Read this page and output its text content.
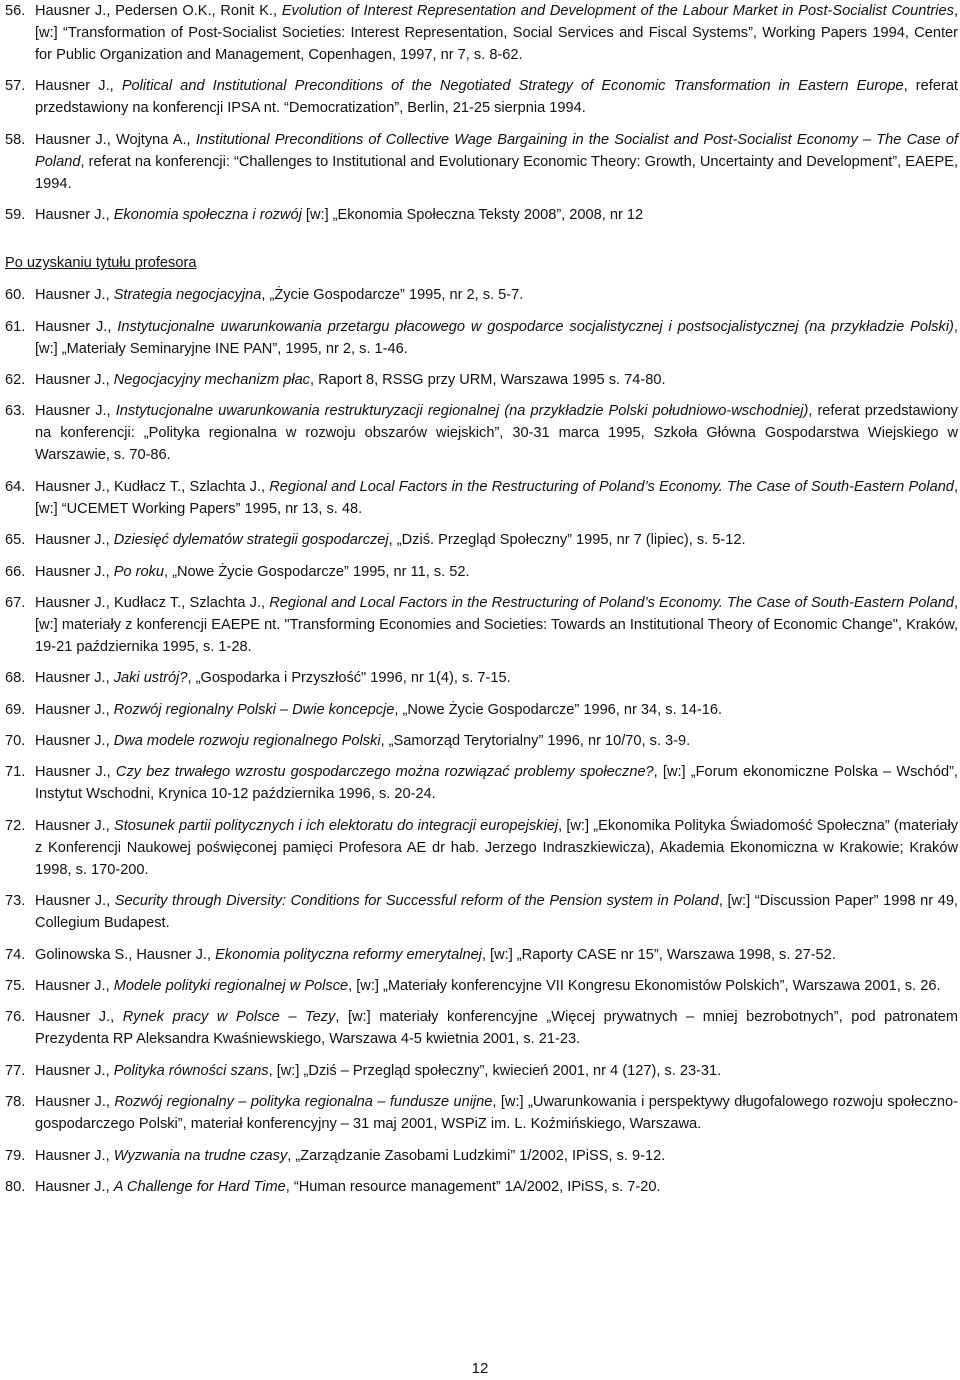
56. Hausner J., Pedersen O.K., Ronit K., Evolution of Interest Representation and Development of the Labour Market in Post-Socialist Countries, [w:] “Transformation of Post-Socialist Societies: Interest Representation, Social Services and Fiscal Systems”, Working Papers 1994, Center for Public Organization and Management, Copenhagen, 1997, nr 7, s. 8-62.
57. Hausner J., Political and Institutional Preconditions of the Negotiated Strategy of Economic Transformation in Eastern Europe, referat przedstawiony na konferencji IPSA nt. “Democratization”, Berlin, 21-25 sierpnia 1994.
58. Hausner J., Wojtyna A., Institutional Preconditions of Collective Wage Bargaining in the Socialist and Post-Socialist Economy – The Case of Poland, referat na konferencji: “Challenges to Institutional and Evolutionary Economic Theory: Growth, Uncertainty and Development”, EAEPE, 1994.
59. Hausner J., Ekonomia społeczna i rozwój [w:] „Ekonomia Społeczna Teksty 2008”, 2008, nr 12
Po uzyskaniu tytułu profesora
60. Hausner J., Strategia negocjacyjna, „Życie Gospodarcze” 1995, nr 2, s. 5-7.
61. Hausner J., Instytucjonalne uwarunkowania przetargu płacowego w gospodarce socjalistycznej i postsocjalistycznej (na przykładzie Polski), [w:] „Materiały Seminaryjne INE PAN”, 1995, nr 2, s. 1-46.
62. Hausner J., Negocjacyjny mechanizm płac, Raport 8, RSSG przy URM, Warszawa 1995 s. 74-80.
63. Hausner J., Instytucjonalne uwarunkowania restrukturyzacji regionalnej (na przykładzie Polski południowo-wschodniej), referat przedstawiony na konferencji: „Polityka regionalna w rozwoju obszarów wiejskich”, 30-31 marca 1995, Szkoła Główna Gospodarstwa Wiejskiego w Warszawie, s. 70-86.
64. Hausner J., Kudłacz T., Szlachta J., Regional and Local Factors in the Restructuring of Poland’s Economy. The Case of South-Eastern Poland, [w:] “UCEMET Working Papers” 1995, nr 13, s. 48.
65. Hausner J., Dziesięć dylematów strategii gospodarczej, „Dziś. Przegląd Społeczny” 1995, nr 7 (lipiec), s. 5-12.
66. Hausner J., Po roku, „Nowe Życie Gospodarcze” 1995, nr 11, s. 52.
67. Hausner J., Kudłacz T., Szlachta J., Regional and Local Factors in the Restructuring of Poland’s Economy. The Case of South-Eastern Poland, [w:] materiały z konferencji EAEPE nt. "Transforming Economies and Societies: Towards an Institutional Theory of Economic Change", Kraków, 19-21 października 1995, s. 1-28.
68. Hausner J., Jaki ustrój?, „Gospodarka i Przyszłość" 1996, nr 1(4), s. 7-15.
69. Hausner J., Rozwój regionalny Polski – Dwie koncepcje, „Nowe Życie Gospodarcze” 1996, nr 34, s. 14-16.
70. Hausner J., Dwa modele rozwoju regionalnego Polski, „Samorząd Terytorialny” 1996, nr 10/70, s. 3-9.
71. Hausner J., Czy bez trwałego wzrostu gospodarczego można rozwiązać problemy społeczne?, [w:] „Forum ekonomiczne Polska – Wschód”, Instytut Wschodni, Krynica 10-12 października 1996, s. 20-24.
72. Hausner J., Stosunek partii politycznych i ich elektoratu do integracji europejskiej, [w:] „Ekonomika Polityka Świadomość Społeczna” (materiały z Konferencji Naukowej poświęconej pamięci Profesora AE dr hab. Jerzego Indraszkiewicza), Akademia Ekonomiczna w Krakowie; Kraków 1998, s. 170-200.
73. Hausner J., Security through Diversity: Conditions for Successful reform of the Pension system in Poland, [w:] “Discussion Paper” 1998 nr 49, Collegium Budapest.
74. Golinowska S., Hausner J., Ekonomia polityczna reformy emerytalnej, [w:] „Raporty CASE nr 15”, Warszawa 1998, s. 27-52.
75. Hausner J., Modele polityki regionalnej w Polsce, [w:] „Materiały konferencyjne VII Kongresu Ekonomistów Polskich”, Warszawa 2001, s. 26.
76. Hausner J., Rynek pracy w Polsce – Tezy, [w:] materiały konferencyjne „Więcej prywatnych – mniej bezrobotnych”, pod patronatem Prezydenta RP Aleksandra Kwaśniewskiego, Warszawa 4-5 kwietnia 2001, s. 21-23.
77. Hausner J., Polityka równości szans, [w:] „Dziś – Przegląd społeczny”, kwiecień 2001, nr 4 (127), s. 23-31.
78. Hausner J., Rozwój regionalny – polityka regionalna – fundusze unijne, [w:] „Uwarunkowania i perspektywy długofalowego rozwoju społeczno-gospodarczego Polski”, materiał konferencyjny – 31 maj 2001, WSPiZ im. L. Koźmińskiego, Warszawa.
79. Hausner J., Wyzwania na trudne czasy, „Zarządzanie Zasobami Ludzkimi” 1/2002, IPiSS, s. 9-12.
80. Hausner J., A Challenge for Hard Time, “Human resource management” 1A/2002, IPiSS, s. 7-20.
12
